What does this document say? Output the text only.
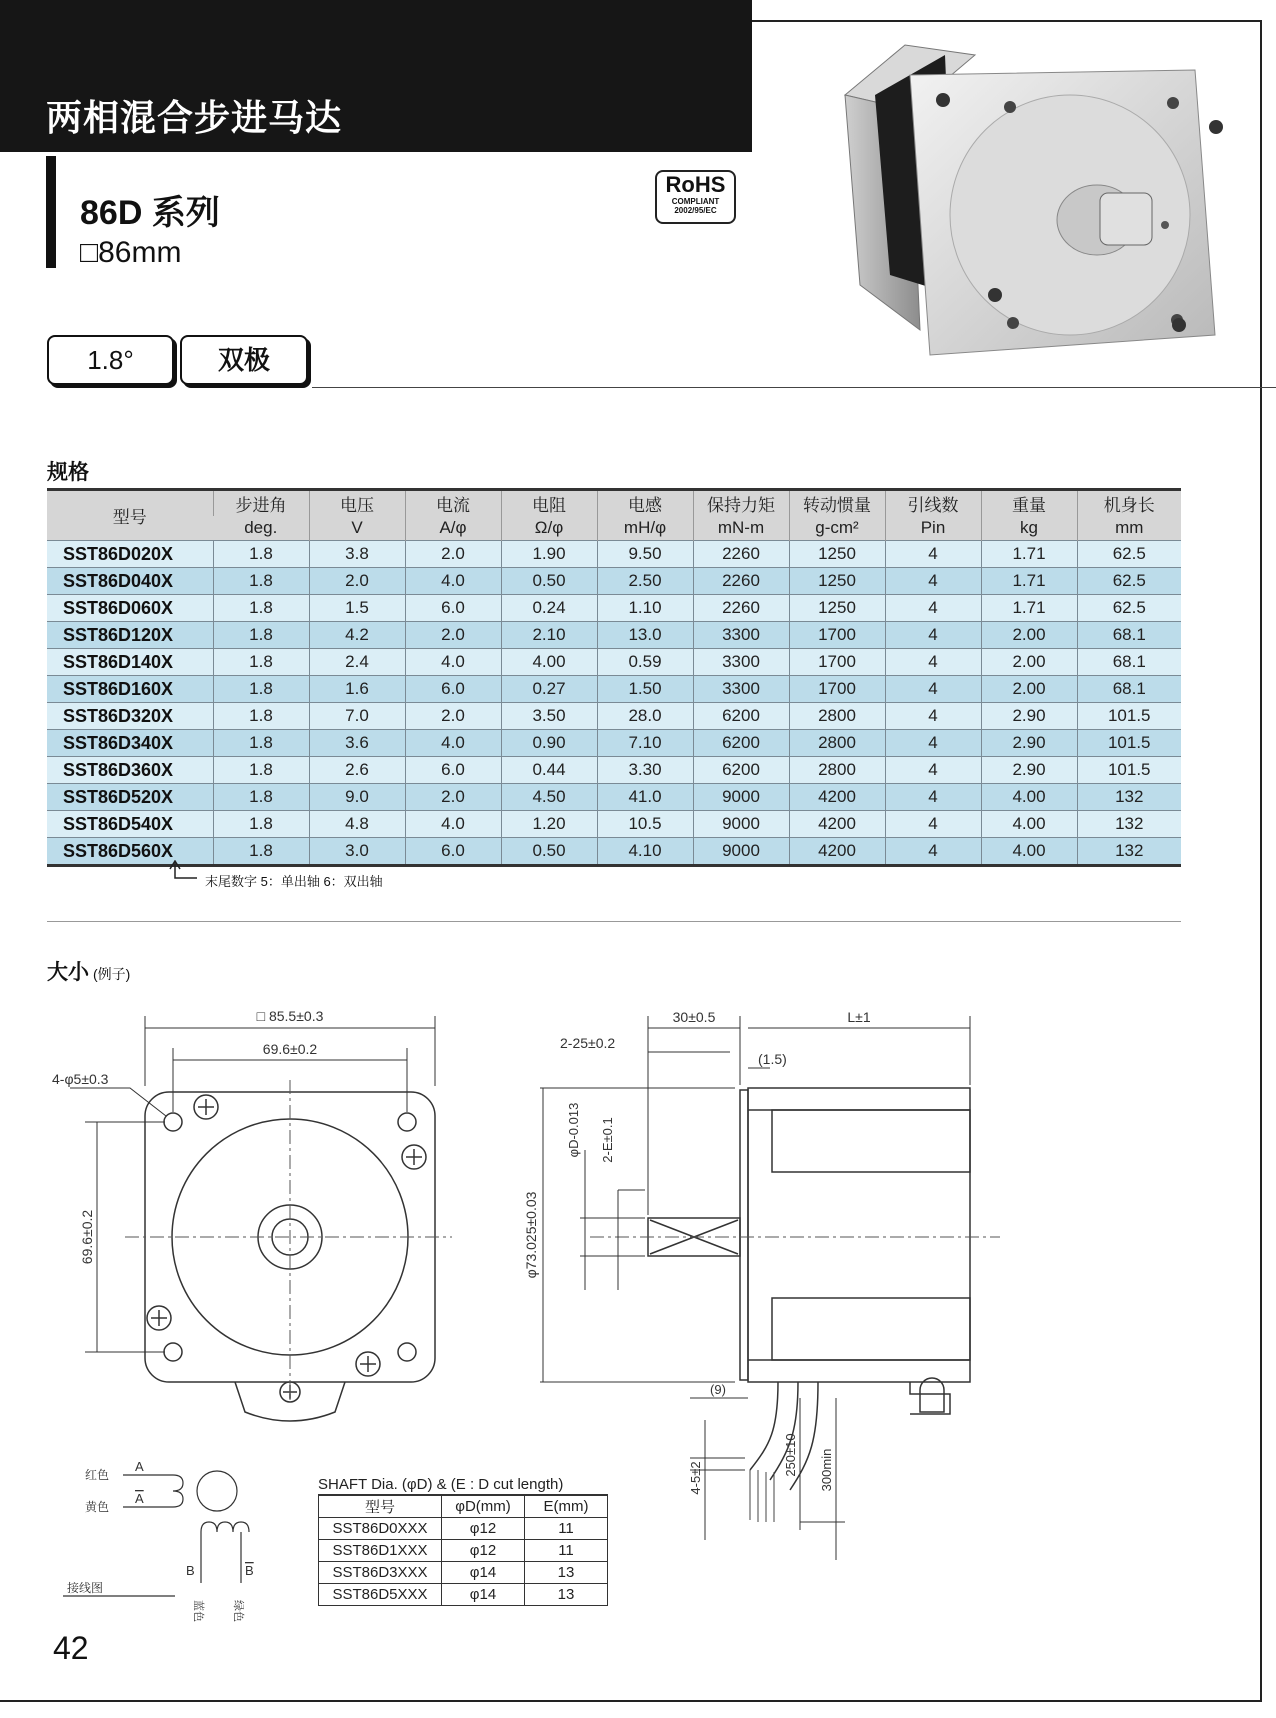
两相混合步进马达
86D 系列
□86mm
RoHS
COMPLIANT
2002/95/EC
1.8°	双极
规格
型号	步进角	电压	电流	电阻	电感	保持力矩	转动惯量	引线数	重量	机身长
	deg.	V	A/φ	Ω/φ	mH/φ	mN-m	g-cm²	Pin	kg	mm
SST86D020X	1.8	3.8	2.0	1.90	9.50	2260	1250	4	1.71	62.5
SST86D040X	1.8	2.0	4.0	0.50	2.50	2260	1250	4	1.71	62.5
SST86D060X	1.8	1.5	6.0	0.24	1.10	2260	1250	4	1.71	62.5
SST86D120X	1.8	4.2	2.0	2.10	13.0	3300	1700	4	2.00	68.1
SST86D140X	1.8	2.4	4.0	4.00	0.59	3300	1700	4	2.00	68.1
SST86D160X	1.8	1.6	6.0	0.27	1.50	3300	1700	4	2.00	68.1
SST86D320X	1.8	7.0	2.0	3.50	28.0	6200	2800	4	2.90	101.5
SST86D340X	1.8	3.6	4.0	0.90	7.10	6200	2800	4	2.90	101.5
SST86D360X	1.8	2.6	6.0	0.44	3.30	6200	2800	4	2.90	101.5
SST86D520X	1.8	9.0	2.0	4.50	41.0	9000	4200	4	4.00	132
SST86D540X	1.8	4.8	4.0	1.20	10.5	9000	4200	4	4.00	132
SST86D560X	1.8	3.0	6.0	0.50	4.10	9000	4200	4	4.00	132
末尾数字 5：单出轴 6：双出轴
大小 (例子)
□ 85.5±0.3
69.6±0.2
4-φ5±0.3
69.6±0.2
30±0.5	L±1
2-25±0.2
(1.5)
φ73.025±0.03
φD-0.013 2-E±0.1
(9)
4-5±2
250±10 300min
红色
A
黄色
A
B	B
蓝色	绿色
接线图
SHAFT Dia. (φD) & (E : D cut length)
型号	φD(mm)	E(mm)
SST86D0XXX	φ12	11
SST86D1XXX	φ12	11
SST86D3XXX	φ14	13
SST86D5XXX	φ14	13
42
